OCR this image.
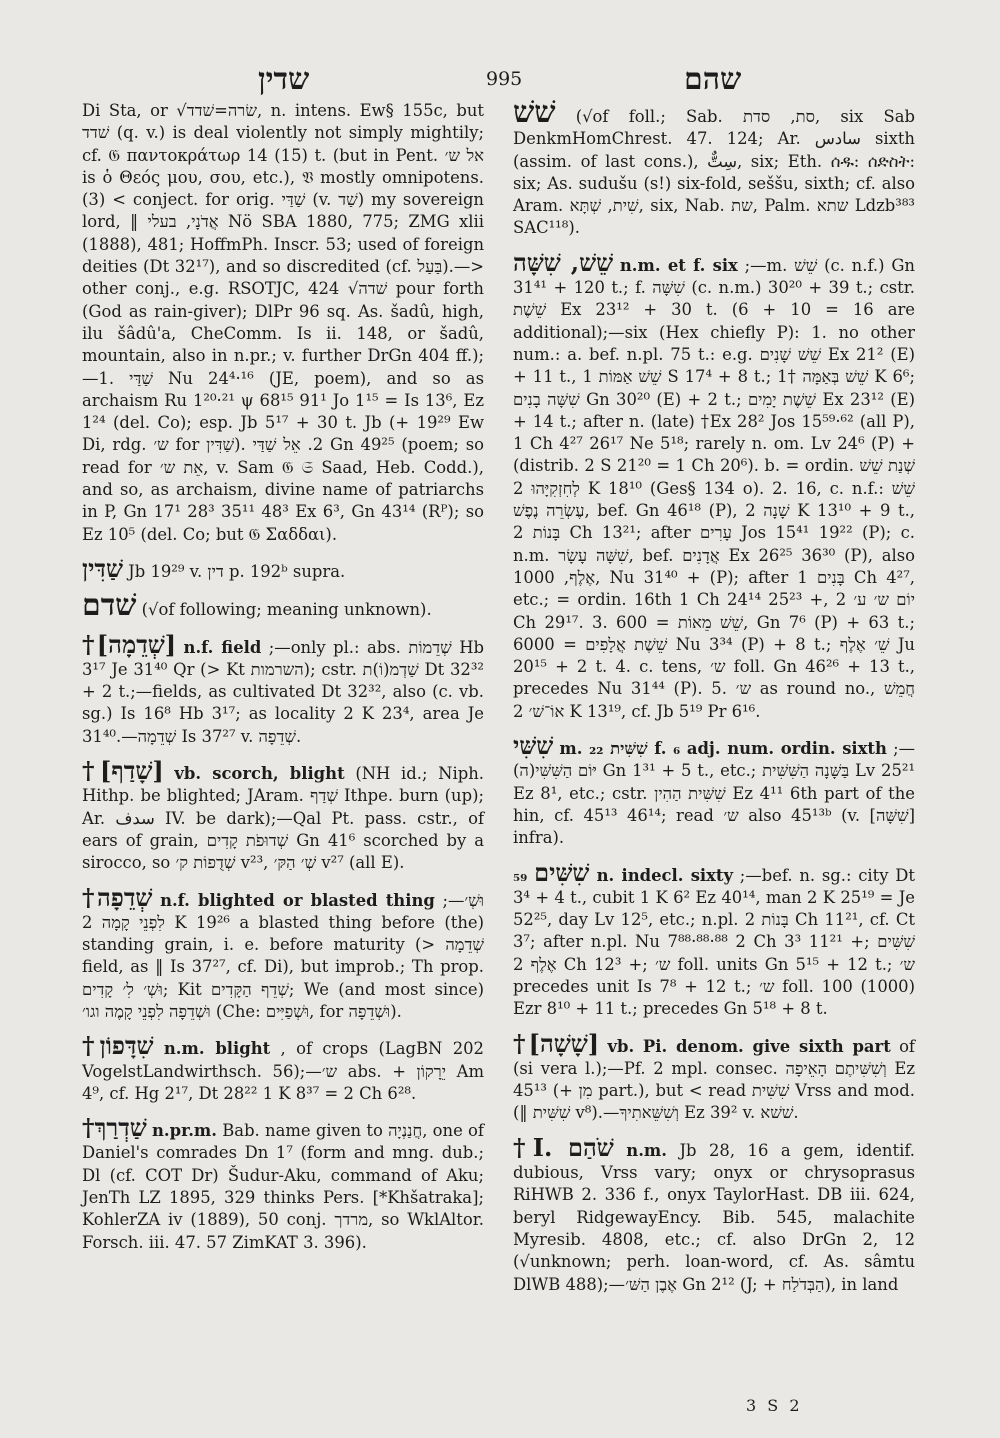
שדין	995	שהם

Di Sta, or √שׂרה=שׁדד, n. intens. Ew§ 155c, but שׁדד (q. v.) is deal violently not simply mightily; cf. 𝔊 παντοκράτωρ 14 (15) t. (but in Pent. אל ש׳ is ὁ Θεός μου, σου, etc.), 𝔙 mostly omnipotens. (3) < conject. for orig. שַׁדַּי (v. שַׁד) my sovereign lord, ‖ אֲדֹנָי, בעלי Nö SBA 1880, 775; ZMG xlii (1888), 481; HoffmPh. Inscr. 53; used of foreign deities (Dt 32¹⁷), and so discredited (cf. בַּעַל).—> other conj., e.g. RSOTJC, 424 √שׁדה pour forth (God as rain-giver); DlPr 96 sq. As. šadû, high, ilu šâdû'a, CheComm. Is ii. 148, or šadû, mountain, also in n.pr.; v. further DrGn 404 ff.);—1. שַׁדַּי Nu 24⁴·¹⁶ (JE, poem), and so as archaism Ru 1²⁰·²¹ ψ 68¹⁵ 91¹ Jo 1¹⁵ = Is 13⁶, Ez 1²⁴ (del. Co); esp. Jb 5¹⁷ + 30 t. Jb (+ 19²⁹ Ew Di, rdg. ש׳ for שַׁדִּין). 2. אֵל שַׁדַּי Gn 49²⁵ (poem; so read for אֵת ש׳, v. Sam 𝔊 𝔖 Saad, Heb. Codd.), and so, as archaism, divine name of patriarchs in P, Gn 17¹ 28³ 35¹¹ 48³ Ex 6³, Gn 43¹⁴ (Rᴾ); so Ez 10⁵ (del. Co; but 𝔊 Σαδδαι).

שַׁדִּין Jb 19²⁹ v. דין p. 192ᵇ supra.

שׁדם (√of following; meaning unknown).

†[שְׁדֵמָה] n.f. field ;—only pl.: abs. שְׁדֵמוֹת Hb 3¹⁷ Je 31⁴⁰ Qr (> Kt השרמות); cstr. שַׁדְמ(וֹ)ת Dt 32³² + 2 t.;—fields, as cultivated Dt 32³², also (c. vb. sg.) Is 16⁸ Hb 3¹⁷; as locality 2 K 23⁴, area Je 31⁴⁰.—שְׁדֵמָה Is 37²⁷ v. שְׁדֵפָה.

†[שָׁדַף] vb. scorch, blight (NH id.; Niph. Hithp. be blighted; JAram. שְׁדַף Ithpe. burn (up); Ar. سدف IV. be dark);—Qal Pt. pass. cstr., of ears of grain, שְׁדוּפֹת קָדִים Gn 41⁶ scorched by a sirocco, so שְׁדֻפוֹת ק׳ v²³, שְׁ׳ הַקּ׳ v²⁷ (all E).

†שְׁדֵפָה n.f. blighted or blasted thing ;—וּשְׁ׳ לִפְנֵי קָמָה 2 K 19²⁶ a blasted thing before (the) standing grain, i. e. before maturity (> שְׁדֵמָה field, as ‖ Is 37²⁷, cf. Di), but improb.; Th prop. וּשְׁ׳ לִ׳ קָדִים; Kit שְׁדֵף הַקָּדִים; We (and most since) וּשְׁדֵפָה לִפְנֵי קָמֶה וגו׳ (Che: וּשְׁפַיִּים, for וּשְׁדֵפָה).

†שִׁדָּפוֹן n.m. blight , of crops (LagBN 202 VogelstLandwirthsch. 56);—ש׳ abs. + יֵרָקוֹן Am 4⁹, cf. Hg 2¹⁷, Dt 28²² 1 K 8³⁷ = 2 Ch 6²⁸.

†שַׁדְרַךְ n.pr.m. Bab. name given to חֲנַנְיָה, one of Daniel's comrades Dn 1⁷ (form and mng. dub.; Dl (cf. COT Dr) Šudur-Aku, command of Aku; JenTh LZ 1895, 329 thinks Pers. [*Khšatraka]; KohlerZA iv (1889), 50 conj. מרדך, so WklAltor. Forsch. iii. 47. 57 ZimKAT 3. 396).

שׁשׁ (√of foll.; Sab. סת, סדת, six Sab DenkmHomChrest. 47. 124; Ar. سادس sixth (assim. of last cons.), سِتٌّ, six; Eth. ሰዱ: ሰድስት: six; As. sudušu (s!) six-fold, seššu, sixth; cf. also Aram. שִׁית, שְׁתָּא, six, Nab. שת, Palm. שתא Ldzb³⁸³ SAC¹¹⁸).

שֵׁשׁ, שִׁשָּׁה n.m. et f. six ;—m. שֵׁשׁ (c. n.f.) Gn 31⁴¹ + 120 t.; f. שִׁשָּׁה (c. n.m.) 30²⁰ + 39 t.; cstr. שֵׁשֶׁת Ex 23¹² + 30 t. (6 + 10 = 16 are additional);—six (Hex chiefly P): 1. no other num.: a. bef. n.pl. 75 t.: e.g. שֵׁשׁ שָׁנִים Ex 21² (E) + 11 t., שֵׁשׁ אַמּוֹת 1 S 17⁴ + 8 t.; שֵׁשׁ בְּאַמָּה †1 K 6⁶; שִׁשָּׁה בָנִים Gn 30²⁰ (E) + 2 t.; שֵׁשֶׁת יָמִים Ex 23¹² (E) + 14 t.; after n. (late) †Ex 28² Jos 15⁵⁹·⁶² (all P), 1 Ch 4²⁷ 26¹⁷ Ne 5¹⁸; rarely n. om. Lv 24⁶ (P) + (distrib. 2 S 21²⁰ = 1 Ch 20⁶). b. = ordin. שְׁנַת שֵׁשׁ לְחִזְקִיָּהוּ 2 K 18¹⁰ (Ges§ 134 o). 2. 16, c. n.f.: שֵׁשׁ עֶשְׂרֵה נֶפֶשׁ, bef. Gn 46¹⁸ (P), שָׁנָה 2 K 13¹⁰ + 9 t., בָּנוֹת 2 Ch 13²¹; after עָרִים Jos 15⁴¹ 19²² (P); c. n.m. שִׁשָּׁה עָשָׂר, bef. אֲדָנִים Ex 26²⁵ 36³⁰ (P), also אֶלֶף, 1000, Nu 31⁴⁰ + (P); after בָּנִים 1 Ch 4²⁷, etc.; = ordin. 16th 1 Ch 24¹⁴ 25²³ +, יוֹם ש׳ ע׳ 2 Ch 29¹⁷. 3. 600 = שֵׁשׁ מֵאוֹת, Gn 7⁶ (P) + 63 t.; 6000 = שֵׁשֶׁת אֲלָפִים Nu 3³⁴ (P) + 8 t.; שֵׁ׳ אֶלֶף Ju 20¹⁵ + 2 t. 4. c. tens, ש׳ foll. Gn 46²⁶ + 13 t., precedes Nu 31⁴⁴ (P). 5. ש׳ as round no., חֲמֵשׁ אוֹ־שׁ׳ 2 K 13¹⁹, cf. Jb 5¹⁹ Pr 6¹⁶.

שִׁשִּׁי m. ₂₂ שִׁשִּׁית f. ₆ adj. num. ordin. sixth ;—(ה)יּוֹם הַשִּׁשִּׁי Gn 1³¹ + 5 t., etc.; בַּשָּׁנָה הַשִּׁשִּׁית Lv 25²¹ Ez 8¹, etc.; cstr. שִׁשִּׁית הַהִין Ez 4¹¹ 6th part of the hin, cf. 45¹³ 46¹⁴; read ש׳ also 45¹³ᵇ (v. [שִׁשָּׁה] infra).

שִׁשִּׁים ₅₉ n. indecl. sixty ;—bef. n. sg.: city Dt 3⁴ + 4 t., cubit 1 K 6² Ez 40¹⁴, man 2 K 25¹⁹ = Je 52²⁵, day Lv 12⁵, etc.; n.pl. בָּנוֹת 2 Ch 11²¹, cf. Ct 3⁷; after n.pl. Nu 7⁸⁸·⁸⁸·⁸⁸ 2 Ch 3³ 11²¹ +; שִׁשִּׁים אֶלֶף 2 Ch 12³ +; ש׳ foll. units Gn 5¹⁵ + 12 t.; ש׳ precedes unit Is 7⁸ + 12 t.; ש׳ foll. 100 (1000) Ezr 8¹⁰ + 11 t.; precedes Gn 5¹⁸ + 8 t.

†[שָׁשָׁה] vb. Pi. denom. give sixth part of (si vera l.);—Pf. 2 mpl. consec. וְשִׁשִּׁיתֶם הָאֵיפָה Ez 45¹³ (+ מִן part.), but < read שִׁשִּׁית Vrss and mod. (‖ שִׁשִּׁית v⁸).—וְשִׁשֵּׁאתִיךָ Ez 39² v. שׁשׁא.

†I. שֹׁהַם n.m. Jb 28, 16 a gem, identif. dubious, Vrss vary; onyx or chrysoprasus RiHWB 2. 336 f., onyx TaylorHast. DB iii. 624, beryl RidgewayEncy. Bib. 545, malachite Myresib. 4808, etc.; cf. also DrGn 2, 12 (√unknown; perh. loan-word, cf. As. sâmtu DlWB 488);—אֶבֶן הַשּׁ׳ Gn 2¹² (J; + הַבְּדֹלַח), in land

3 S 2
